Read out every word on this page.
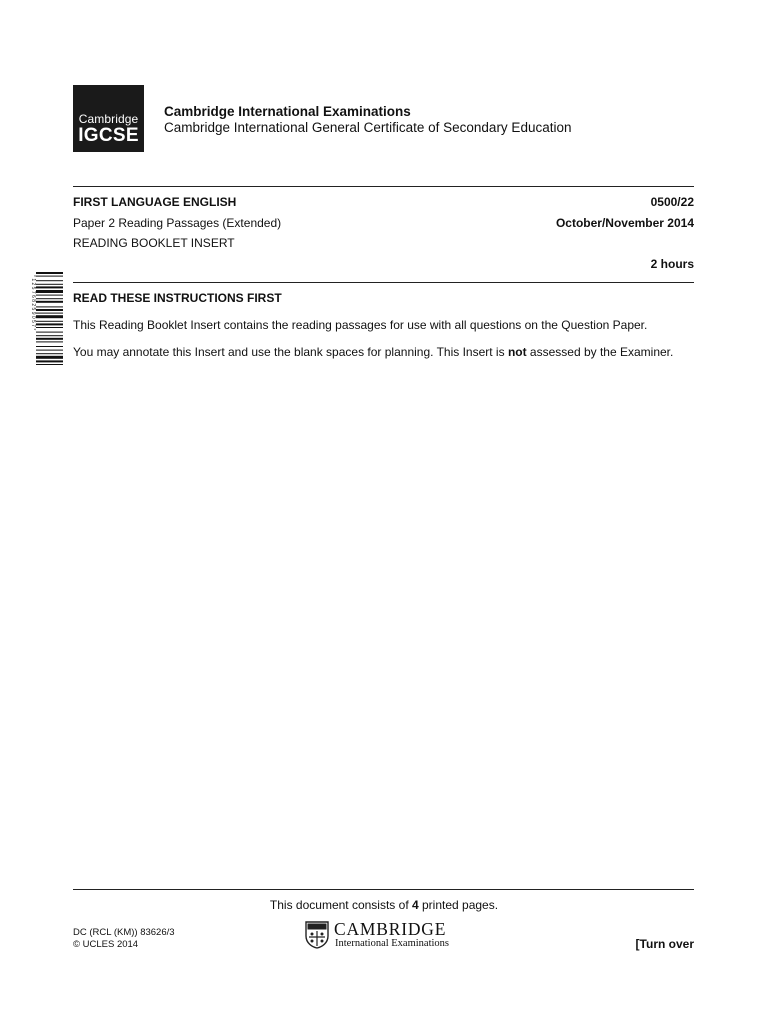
Cambridge
IGCSE
Cambridge International Examinations
Cambridge International General Certificate of Secondary Education
FIRST LANGUAGE ENGLISH	0500/22
Paper 2 Reading Passages (Extended)	October/November 2014
READING BOOKLET INSERT
2 hours
* 1 2 5 7 6 8 2 5 9 0 5 7 *	READ THESE INSTRUCTIONS FIRST

This Reading Booklet Insert contains the reading passages for use with all questions on the Question Paper.

You may annotate this Insert and use the blank spaces for planning. This Insert is not assessed by the Examiner.

This document consists of 4 printed pages.
DC (RCL (KM)) 83626/3
© UCLES 2014
CAMBRIDGE
International Examinations	[Turn over
